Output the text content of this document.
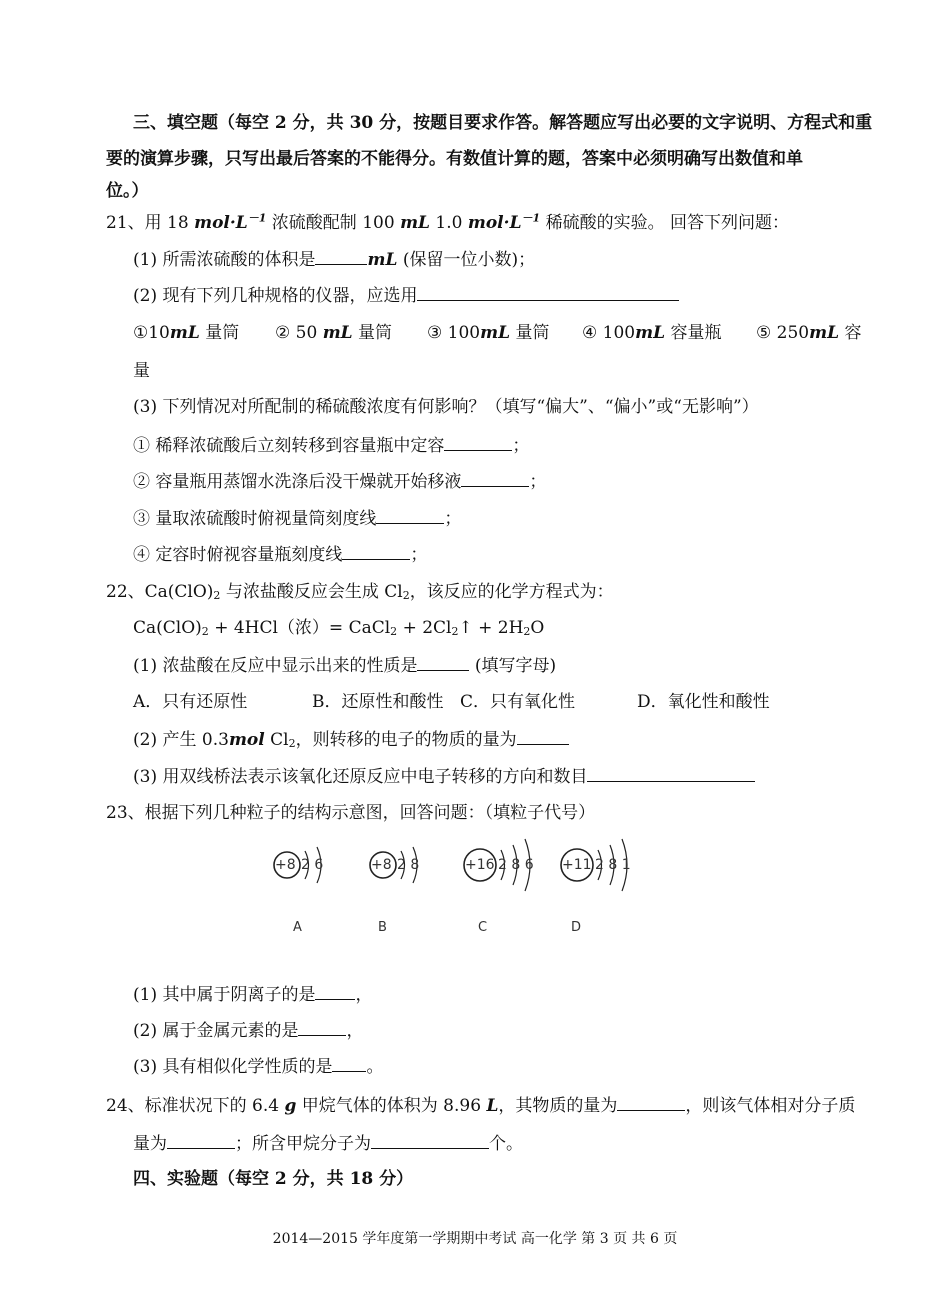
三、填空题（每空 2 分，共 30 分，按题目要求作答。解答题应写出必要的文字说明、方程式和重
要的演算步骤，只写出最后答案的不能得分。有数值计算的题，答案中必须明确写出数值和单
位。）
21、用 18 $mol\cdot L^{-1}$ 浓硫酸配制 100 mL 1.0 $mol\cdot L^{-1}$ 稀硫酸的实验。 回答下列问题：
(1) 所需浓硫酸的体积是	mL (保留一位小数)；
(2) 现有下列几种规格的仪器，应选用
①10mL 量筒 ② 50 mL 量筒 ③ 100mL 量筒 ④ 100mL 容量瓶 ⑤ 250mL 容
量
(3) 下列情况对所配制的稀硫酸浓度有何影响？（填写“偏大”、“偏小”或“无影响”）
① 稀释浓硫酸后立刻转移到容量瓶中定容	；
② 容量瓶用蒸馏水洗涤后没干燥就开始移液	；
③ 量取浓硫酸时俯视量筒刻度线	；
④ 定容时俯视容量瓶刻度线	；
22、$Ca(ClO)_2$ 与浓盐酸反应会生成 $Cl_2$，该反应的化学方程式为：
$Ca(ClO)_2 + 4HCl$（浓）= CaCl$_2$ + $2Cl_2↑ + 2H_2O$
(1) 浓盐酸在反应中显示出来的性质是	(填写字母)
A．只有还原性	B．还原性和酸性 C．只有氧化性	D．氧化性和酸性
(2) 产生 0.3mol $Cl_2$，则转移的电子的物质的量为
(3) 用双线桥法表示该氧化还原反应中电子转移的方向和数目
23、根据下列几种粒子的结构示意图，回答问题：（填粒子代号）
+8 2 6	+8 2 8	+16 2 8 6 +11 2 8 1
A	B	C	D
(1) 其中属于阴离子的是 ，
(2) 属于金属元素的是	，
(3) 具有相似化学性质的是 。
24、标准状况下的 6.4 g 甲烷气体的体积为 8.96 L，其物质的量为	，则该气体相对分子质
量为	；所含甲烷分子为	个。
四、实验题（每空 2 分，共 18 分）
2014—2015 学年度第一学期期中考试 高一化学 第 3 页 共 6 页
